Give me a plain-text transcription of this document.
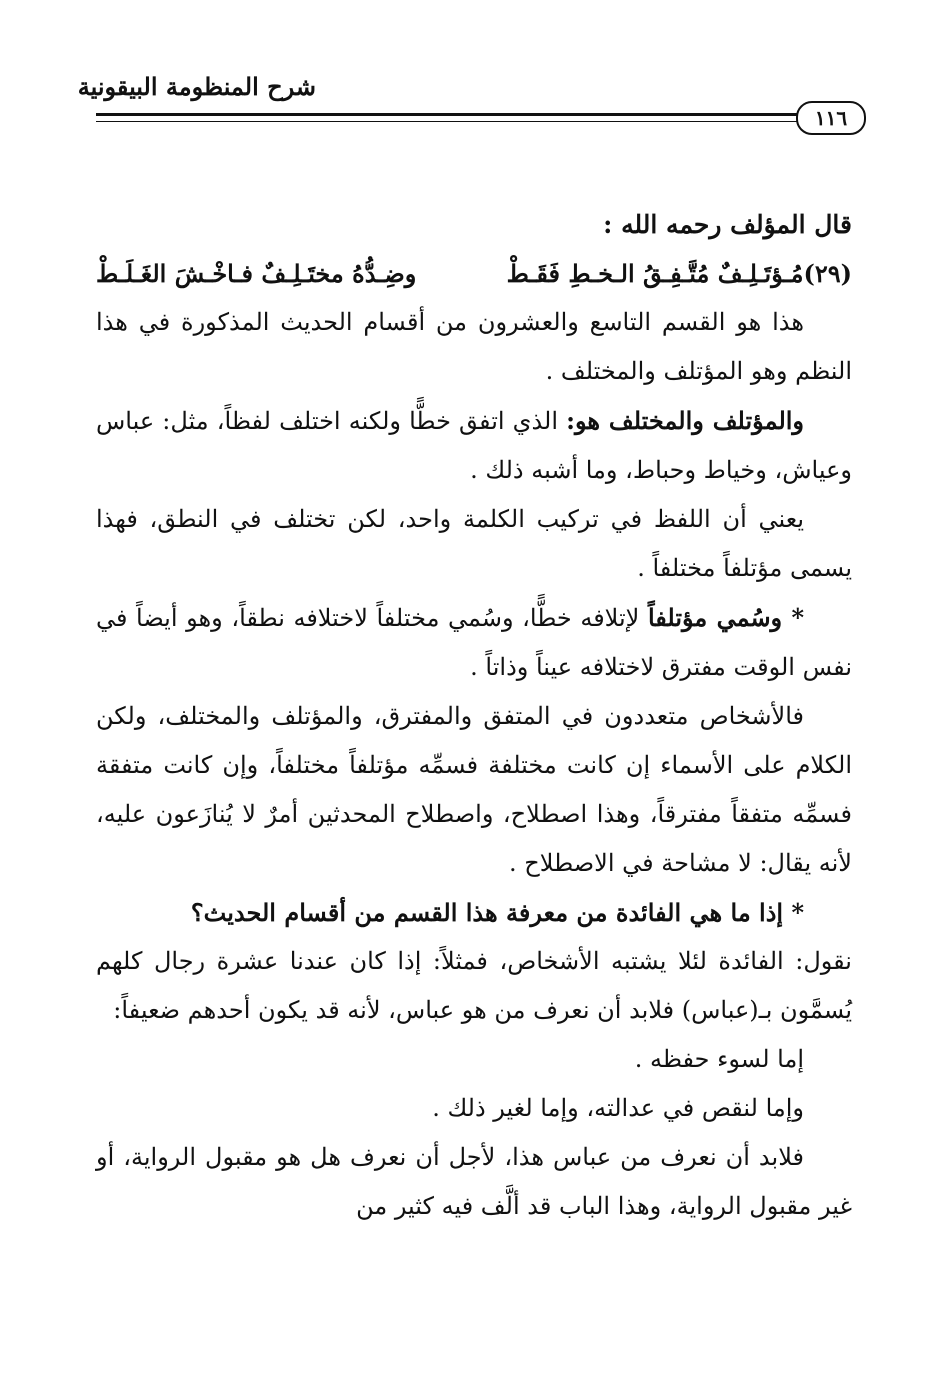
شرح المنظومة البيقونية
١١٦

قال المؤلف رحمه الله :

(٢٩)مُـؤتَـلِـفٌ مُتَّـفِـقُ الـخـطِ فَقَـطْ
وضِـدُّهُ مختَـلِـفٌ فـاخْـشَ الغَـلَـطْ

هذا هو القسم التاسع والعشرون من أقسام الحديث المذكورة في هذا النظم وهو المؤتلف والمختلف .

والمؤتلف والمختلف هو: الذي اتفق خطًّا ولكنه اختلف لفظاً، مثل: عباس وعياش، وخياط وحباط، وما أشبه ذلك .

يعني أن اللفظ في تركيب الكلمة واحد، لكن تختلف في النطق، فهذا يسمى مؤتلفاً مختلفاً .

* وسُمي مؤتلفاً لإتلافه خطًّا، وسُمي مختلفاً لاختلافه نطقاً، وهو أيضاً في نفس الوقت مفترق لاختلافه عيناً وذاتاً .

فالأشخاص متعددون في المتفق والمفترق، والمؤتلف والمختلف، ولكن الكلام على الأسماء إن كانت مختلفة فسمِّه مؤتلفاً مختلفاً، وإن كانت متفقة فسمِّه متفقاً مفترقاً، وهذا اصطلاح، واصطلاح المحدثين أمرٌ لا يُنازَعون عليه، لأنه يقال: لا مشاحة في الاصطلاح .

* إذا ما هي الفائدة من معرفة هذا القسم من أقسام الحديث؟

نقول: الفائدة لئلا يشتبه الأشخاص، فمثلاً: إذا كان عندنا عشرة رجال كلهم يُسمَّون بـ(عباس) فلابد أن نعرف من هو عباس، لأنه قد يكون أحدهم ضعيفاً:

إما لسوء حفظه .

وإما لنقص في عدالته، وإما لغير ذلك .

فلابد أن نعرف من عباس هذا، لأجل أن نعرف هل هو مقبول الرواية، أو غير مقبول الرواية، وهذا الباب قد ألَّف فيه كثير من
